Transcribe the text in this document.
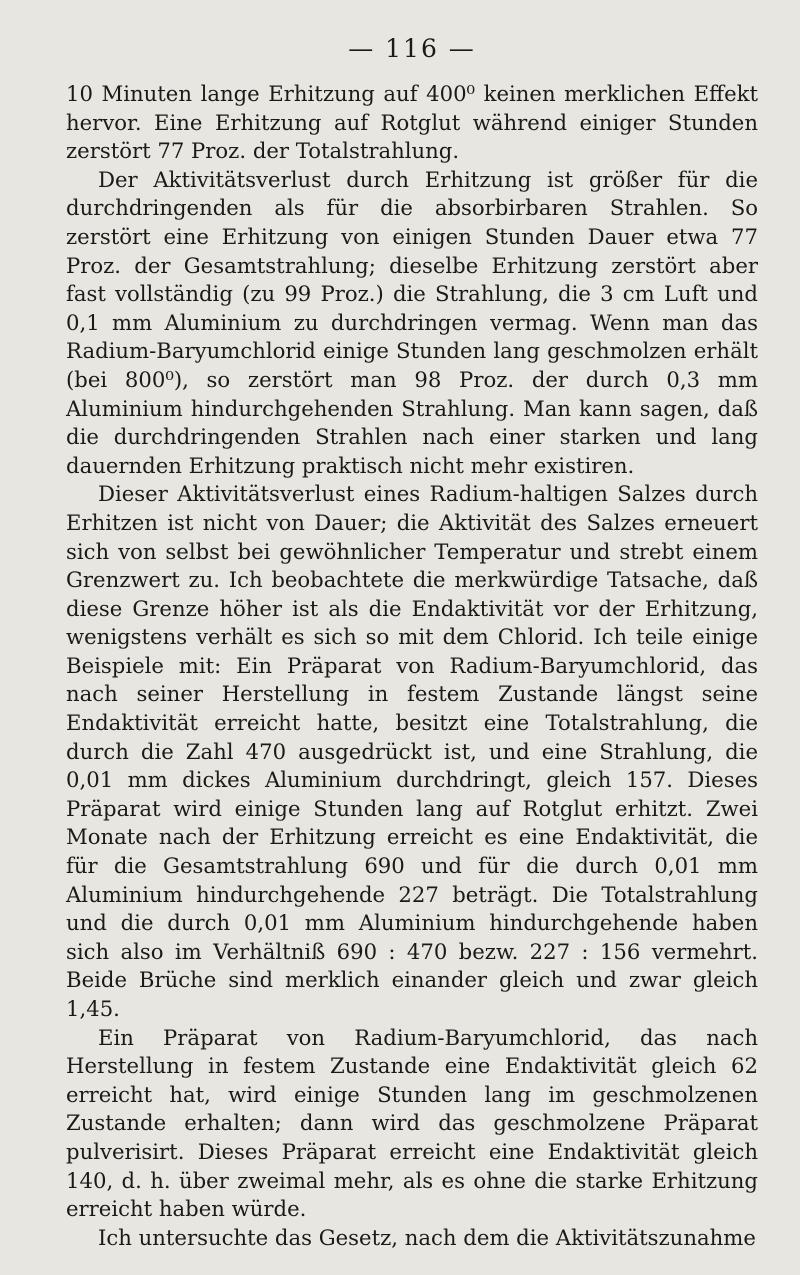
— 116 —

10 Minuten lange Erhitzung auf 400⁰ keinen merklichen Effekt hervor. Eine Erhitzung auf Rotglut während einiger Stunden zerstört 77 Proz. der Totalstrahlung.

Der Aktivitätsverlust durch Erhitzung ist größer für die durchdringenden als für die absorbirbaren Strahlen. So zerstört eine Erhitzung von einigen Stunden Dauer etwa 77 Proz. der Gesamtstrahlung; dieselbe Erhitzung zerstört aber fast vollständig (zu 99 Proz.) die Strahlung, die 3 cm Luft und 0,1 mm Aluminium zu durchdringen vermag. Wenn man das Radium-Baryumchlorid einige Stunden lang geschmolzen erhält (bei 800⁰), so zerstört man 98 Proz. der durch 0,3 mm Aluminium hindurchgehenden Strahlung. Man kann sagen, daß die durchdringenden Strahlen nach einer starken und lang dauernden Erhitzung praktisch nicht mehr existiren.

Dieser Aktivitätsverlust eines Radium-haltigen Salzes durch Erhitzen ist nicht von Dauer; die Aktivität des Salzes erneuert sich von selbst bei gewöhnlicher Temperatur und strebt einem Grenzwert zu. Ich beobachtete die merkwürdige Tatsache, daß diese Grenze höher ist als die Endaktivität vor der Erhitzung, wenigstens verhält es sich so mit dem Chlorid. Ich teile einige Beispiele mit: Ein Präparat von Radium-Baryumchlorid, das nach seiner Herstellung in festem Zustande längst seine Endaktivität erreicht hatte, besitzt eine Totalstrahlung, die durch die Zahl 470 ausgedrückt ist, und eine Strahlung, die 0,01 mm dickes Aluminium durchdringt, gleich 157. Dieses Präparat wird einige Stunden lang auf Rotglut erhitzt. Zwei Monate nach der Erhitzung erreicht es eine Endaktivität, die für die Gesamtstrahlung 690 und für die durch 0,01 mm Aluminium hindurchgehende 227 beträgt. Die Totalstrahlung und die durch 0,01 mm Aluminium hindurchgehende haben sich also im Verhältniß 690 : 470 bezw. 227 : 156 vermehrt. Beide Brüche sind merklich einander gleich und zwar gleich 1,45.

Ein Präparat von Radium-Baryumchlorid, das nach Herstellung in festem Zustande eine Endaktivität gleich 62 erreicht hat, wird einige Stunden lang im geschmolzenen Zustande erhalten; dann wird das geschmolzene Präparat pulverisirt. Dieses Präparat erreicht eine Endaktivität gleich 140, d. h. über zweimal mehr, als es ohne die starke Erhitzung erreicht haben würde.

Ich untersuchte das Gesetz, nach dem die Aktivitätszunahme
